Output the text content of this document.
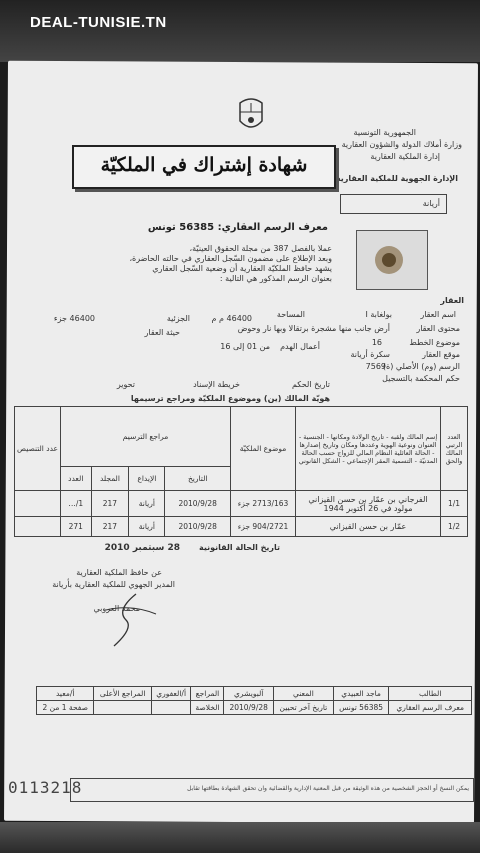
DEAL-TUNISIE.TN
الجمهورية التونسية
وزارة أملاك الدولة والشؤون العقارية
إدارة الملكية العقارية
الإدارة الجهوية للملكية العقارية
أريانة
شهادة إشتراك في الملكيّة
معرف الرسم العقاري: 56385 تونس
عملا بالفصل 387 من مجلة الحقوق العينيّة،
وبعد الإطلاع على مضمون السّجل العقاري في حالته الحاضرة،
يشهد حافظ الملكيّة العقارية أن وضعية السّجل العقاري
بعنوان الرسم المذكور هي التالية :
العقار
اسم العقار
بولغابة I
المساحة
46400 م م
الجزئية
46400 جزء
محتوى العقار
أرض جانب منها مشجرة برتقالا وبها نار وحوض
حيثة العقار
موضوع الخطط
16
أعمال الهدم
من 01 إلى 16
موقع العقار
سكرة أريانة
الرسم (وم) الأصلي (ة)
7569
حكم المحكمة بالتسجيل
تاريخ الحكم
خريطة الإسناد
تحوير
هويّة المالك (ين) وموضوع الملكيّة ومراجع ترسيمها
العدد الرتبي المالك والحق	إسم المالك ولقبه - تاريخ الولادة ومكانها - الجنسية - العنوان ونوعية الهوية وعددها ومكان وتاريخ إصدارها - الحالة العائلية النظام المالي للزواج حسب الحالة المدنيّة - التسمية المقر الإجتماعي - الشكل القانوني	موضوع الملكيّة	مراجع الترسيم				عدد التنصيص
			التاريخ	الإيداع	المجلد	العدد	
1/1	الفرجاني بن عمّار بن حسن القيزاني
مولود في 26 أكتوبر 1944	2713/163 جزء	2010/9/28	أريانة	217	1/…	
1/2	عمّار بن حسن القيزاني	904/2721 جزء	2010/9/28	أريانة	217	271	
تاريخ الحالة القانونية
28 سبتمبر 2010
عن حافظ الملكية العقارية
المدير الجهوي للملكية العقارية بأريانة
محمد العروبي
الطالب	ماجد العبيدي	المعني	آلبويشري	المراجع	أ/العفوري	المراجع الأعلى	أ/معيد
معرف الرسم العقاري	56385 تونس	تاريخ آخر تحيين	2010/9/28	الخلاصة			صفحة 1 من 2
0113218	يمكن النسخ أو الحجز الشخصية من هذه الوثيقة من قبل المعنية الإدارية والقضائية وان تحقق الشهادة بطاقتها تقابل
